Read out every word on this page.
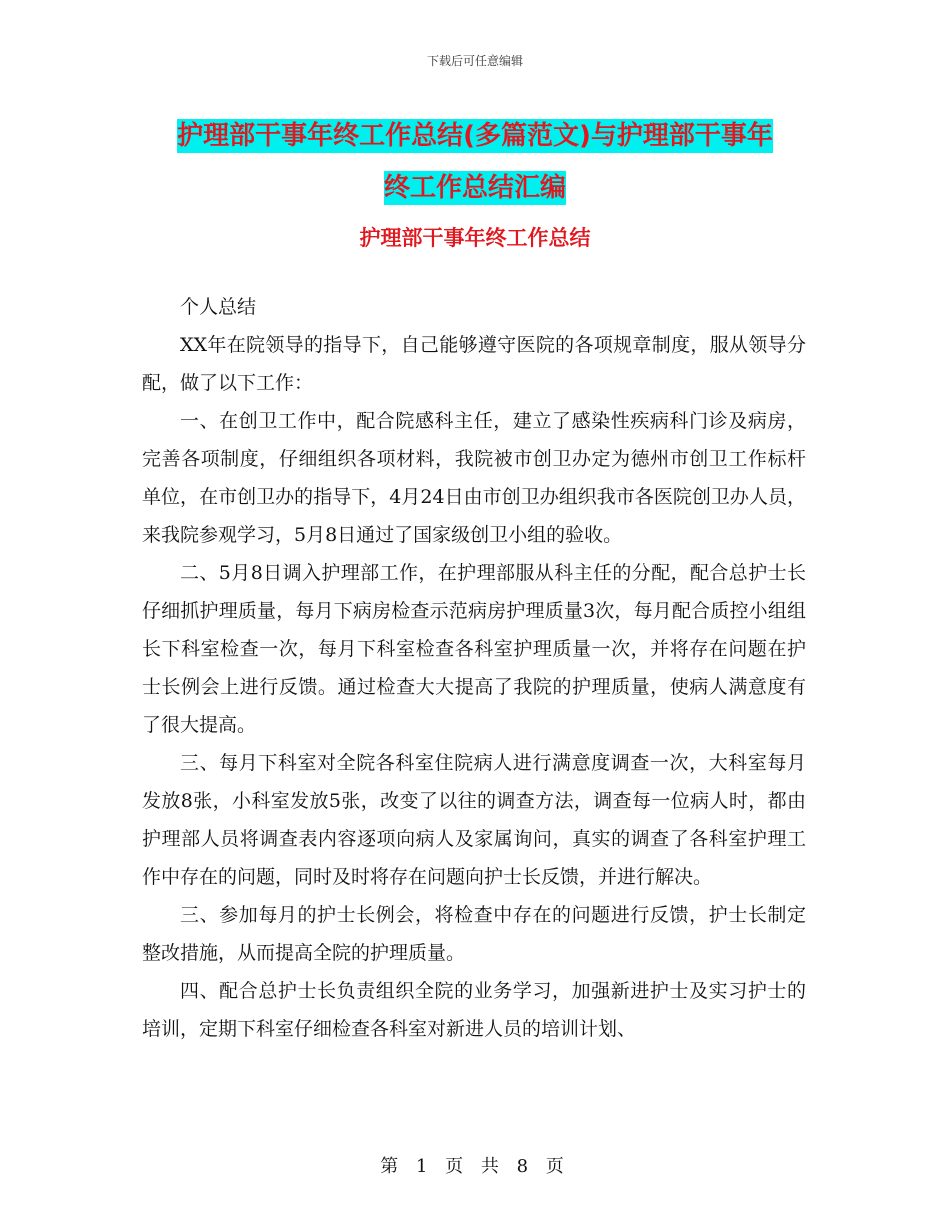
下载后可任意编辑
护理部干事年终工作总结(多篇范文)与护理部干事年
终工作总结汇编
护理部干事年终工作总结

个人总结

XX年在院领导的指导下，自己能够遵守医院的各项规章制度，服从领导分配，做了以下工作：

一、在创卫工作中，配合院感科主任，建立了感染性疾病科门诊及病房，完善各项制度，仔细组织各项材料，我院被市创卫办定为德州市创卫工作标杆单位，在市创卫办的指导下，4月24日由市创卫办组织我市各医院创卫办人员，来我院参观学习，5月8日通过了国家级创卫小组的验收。

二、5月8日调入护理部工作，在护理部服从科主任的分配，配合总护士长仔细抓护理质量，每月下病房检查示范病房护理质量3次，每月配合质控小组组长下科室检查一次，每月下科室检查各科室护理质量一次，并将存在问题在护士长例会上进行反馈。通过检查大大提高了我院的护理质量，使病人满意度有了很大提高。

三、每月下科室对全院各科室住院病人进行满意度调查一次，大科室每月发放8张，小科室发放5张，改变了以往的调查方法，调查每一位病人时，都由护理部人员将调查表内容逐项向病人及家属询问，真实的调查了各科室护理工作中存在的问题，同时及时将存在问题向护士长反馈，并进行解决。

三、参加每月的护士长例会，将检查中存在的问题进行反馈，护士长制定整改措施，从而提高全院的护理质量。

四、配合总护士长负责组织全院的业务学习，加强新进护士及实习护士的培训，定期下科室仔细检查各科室对新进人员的培训计划、

第 1 页 共 8 页
